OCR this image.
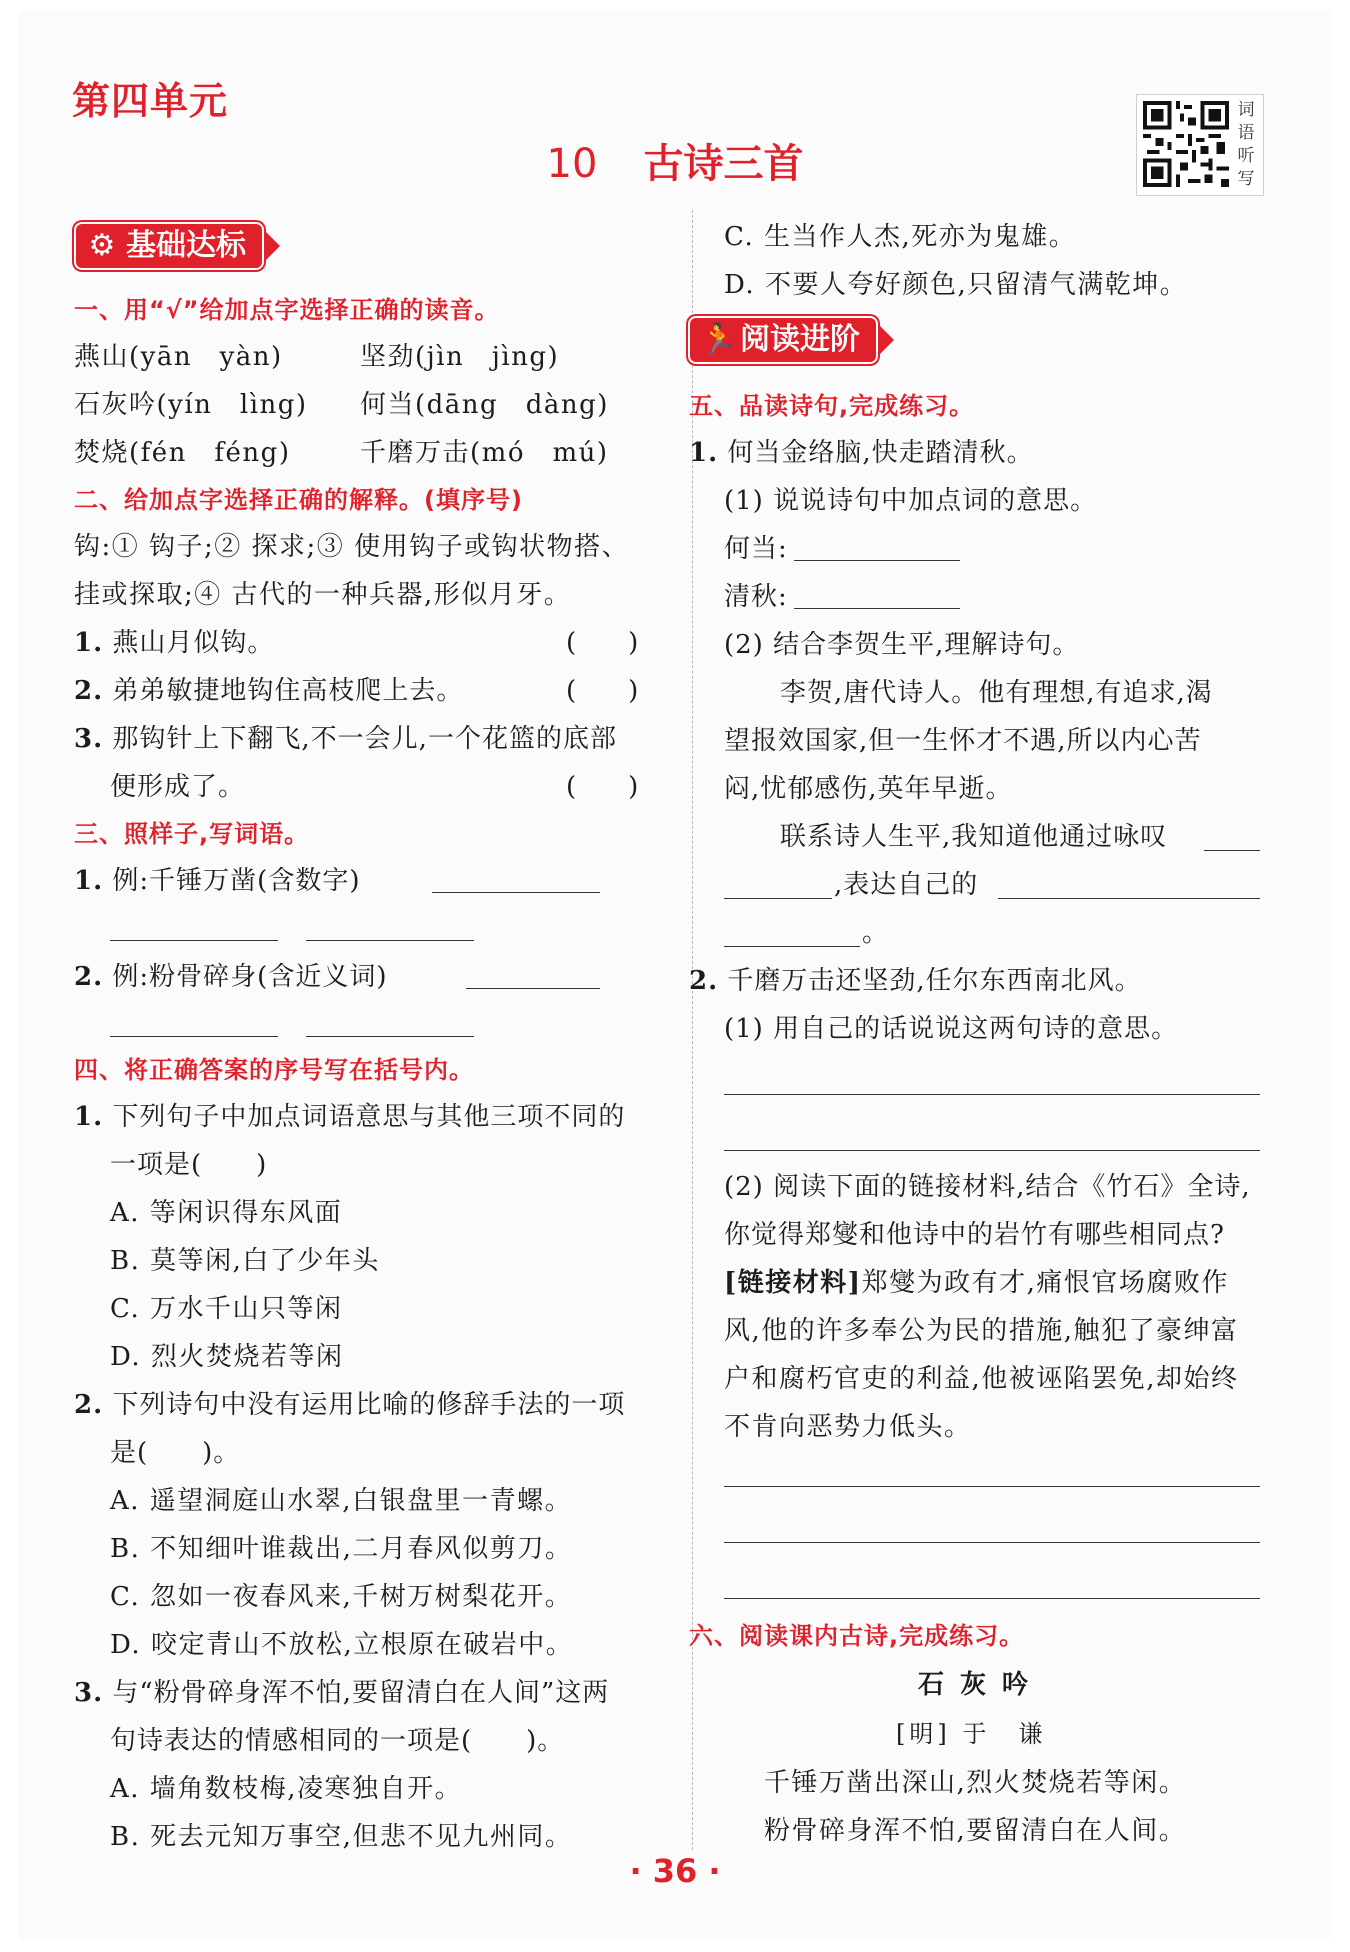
第四单元
10 古诗三首
词
语
听
写
⚙ 基础达标
一、用“√”给加点字选择正确的读音。
燕山(yān　yàn)	坚劲(jìn　jìng)
石灰吟(yín　lìng) 何当(dāng　dàng)
焚烧(fén　féng)	千磨万击(mó　mú)
二、给加点字选择正确的解释。(填序号)
钩:① 钩子;② 探求;③ 使用钩子或钩状物搭、
挂或探取;④ 古代的一种兵器,形似月牙。
1. 燕山月似钩。	(　　)
2. 弟弟敏捷地钩住高枝爬上去。	(　　)
3. 那钩针上下翻飞,不一会儿,一个花篮的底部
便形成了。	(　　)
三、照样子,写词语。
1. 例:千锤万凿(含数字)
2. 例:粉骨碎身(含近义词)
四、将正确答案的序号写在括号内。
1. 下列句子中加点词语意思与其他三项不同的
一项是(　　)
A. 等闲识得东风面
B. 莫等闲,白了少年头
C. 万水千山只等闲
D. 烈火焚烧若等闲
2. 下列诗句中没有运用比喻的修辞手法的一项
是(　　)。
A. 遥望洞庭山水翠,白银盘里一青螺。
B. 不知细叶谁裁出,二月春风似剪刀。
C. 忽如一夜春风来,千树万树梨花开。
D. 咬定青山不放松,立根原在破岩中。
3. 与“粉骨碎身浑不怕,要留清白在人间”这两
句诗表达的情感相同的一项是(　　)。
A. 墙角数枝梅,凌寒独自开。
B. 死去元知万事空,但悲不见九州同。
C. 生当作人杰,死亦为鬼雄。
D. 不要人夸好颜色,只留清气满乾坤。
🏃 阅读进阶
五、品读诗句,完成练习。
1. 何当金络脑,快走踏清秋。
(1) 说说诗句中加点词的意思。
何当:
清秋:
(2) 结合李贺生平,理解诗句。
李贺,唐代诗人。他有理想,有追求,渴
望报效国家,但一生怀才不遇,所以内心苦
闷,忧郁感伤,英年早逝。
联系诗人生平,我知道他通过咏叹
,表达自己的
。
2. 千磨万击还坚劲,任尔东西南北风。
(1) 用自己的话说说这两句诗的意思。
(2) 阅读下面的链接材料,结合《竹石》全诗,
你觉得郑燮和他诗中的岩竹有哪些相同点?
[链接材料]郑燮为政有才,痛恨官场腐败作
风,他的许多奉公为民的措施,触犯了豪绅富
户和腐朽官吏的利益,他被诬陷罢免,却始终
不肯向恶势力低头。
六、阅读课内古诗,完成练习。
石灰吟
[明] 于　谦
千锤万凿出深山,烈火焚烧若等闲。
粉骨碎身浑不怕,要留清白在人间。
· 36 ·
